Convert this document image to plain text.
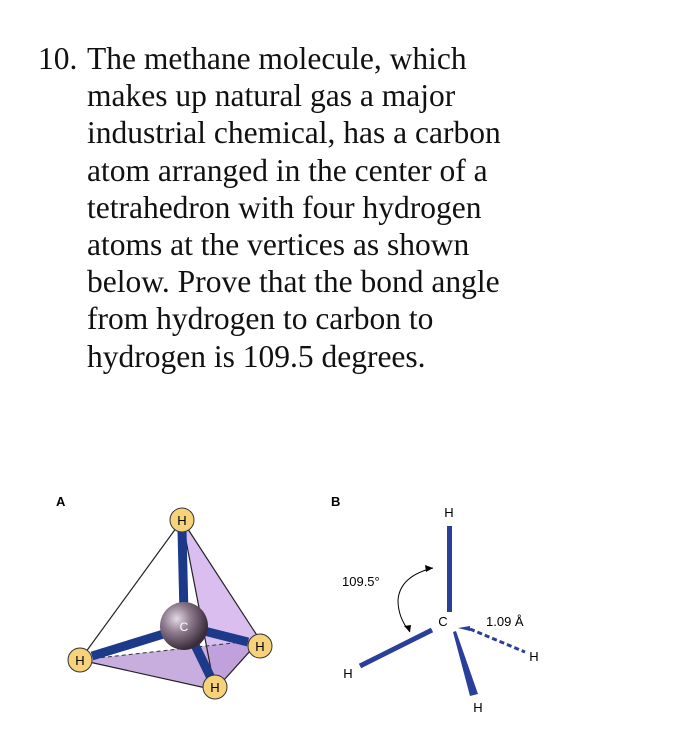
10. The methane molecule, which
makes up natural gas a major
industrial chemical, has a carbon
atom arranged in the center of a
tetrahedron with four hydrogen
atoms at the vertices as shown
below. Prove that the bond angle
from hydrogen to carbon to
hydrogen is 109.5 degrees.
A	B
C
H
H
H
H
H
C
H
H
H
1.09 Å
109.5°
